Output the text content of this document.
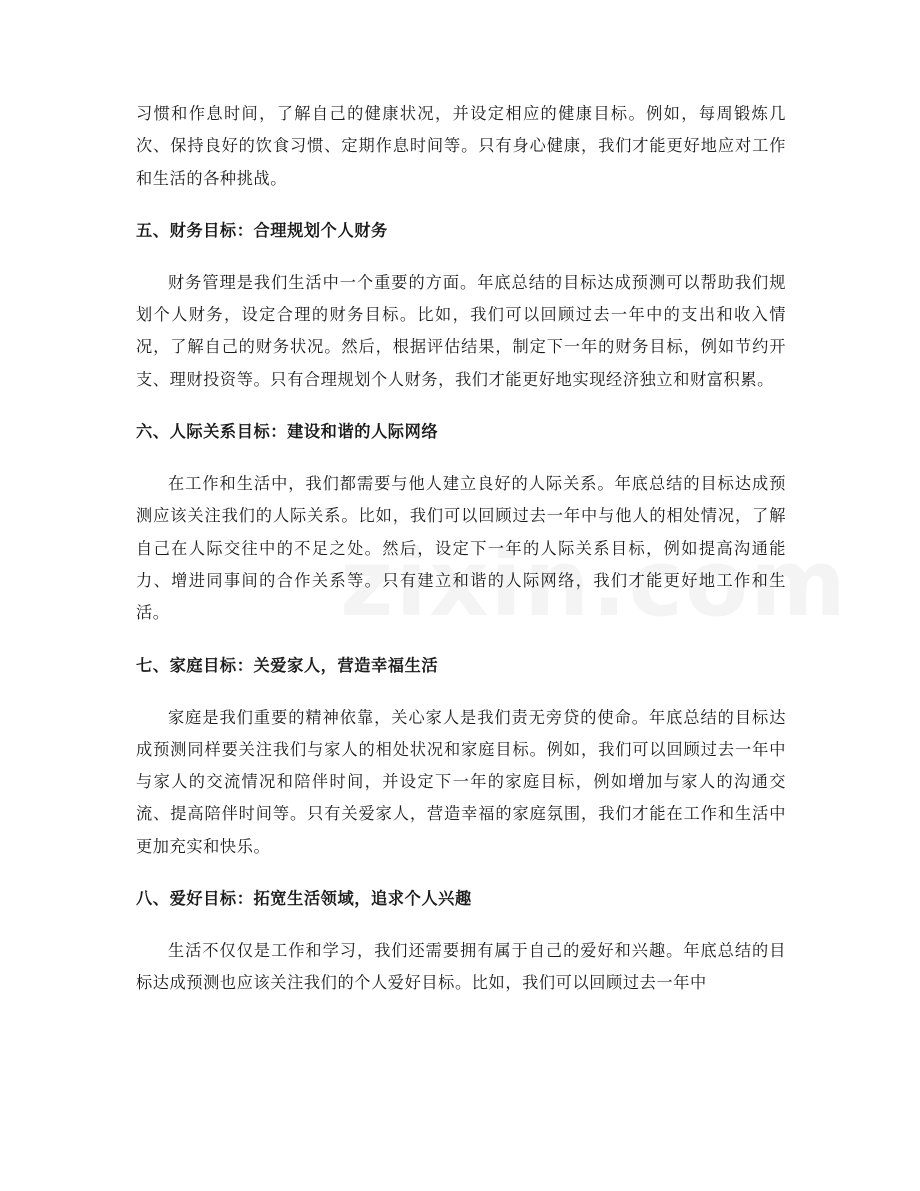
习惯和作息时间，了解自己的健康状况，并设定相应的健康目标。例如，每周锻炼几次、保持良好的饮食习惯、定期作息时间等。只有身心健康，我们才能更好地应对工作和生活的各种挑战。

五、财务目标：合理规划个人财务

财务管理是我们生活中一个重要的方面。年底总结的目标达成预测可以帮助我们规划个人财务，设定合理的财务目标。比如，我们可以回顾过去一年中的支出和收入情况，了解自己的财务状况。然后，根据评估结果，制定下一年的财务目标，例如节约开支、理财投资等。只有合理规划个人财务，我们才能更好地实现经济独立和财富积累。

六、人际关系目标：建设和谐的人际网络

在工作和生活中，我们都需要与他人建立良好的人际关系。年底总结的目标达成预测应该关注我们的人际关系。比如，我们可以回顾过去一年中与他人的相处情况，了解自己在人际交往中的不足之处。然后，设定下一年的人际关系目标，例如提高沟通能力、增进同事间的合作关系等。只有建立和谐的人际网络，我们才能更好地工作和生活。

七、家庭目标：关爱家人，营造幸福生活

家庭是我们重要的精神依靠，关心家人是我们责无旁贷的使命。年底总结的目标达成预测同样要关注我们与家人的相处状况和家庭目标。例如，我们可以回顾过去一年中与家人的交流情况和陪伴时间，并设定下一年的家庭目标，例如增加与家人的沟通交流、提高陪伴时间等。只有关爱家人，营造幸福的家庭氛围，我们才能在工作和生活中更加充实和快乐。

八、爱好目标：拓宽生活领域，追求个人兴趣

生活不仅仅是工作和学习，我们还需要拥有属于自己的爱好和兴趣。年底总结的目标达成预测也应该关注我们的个人爱好目标。比如，我们可以回顾过去一年中
